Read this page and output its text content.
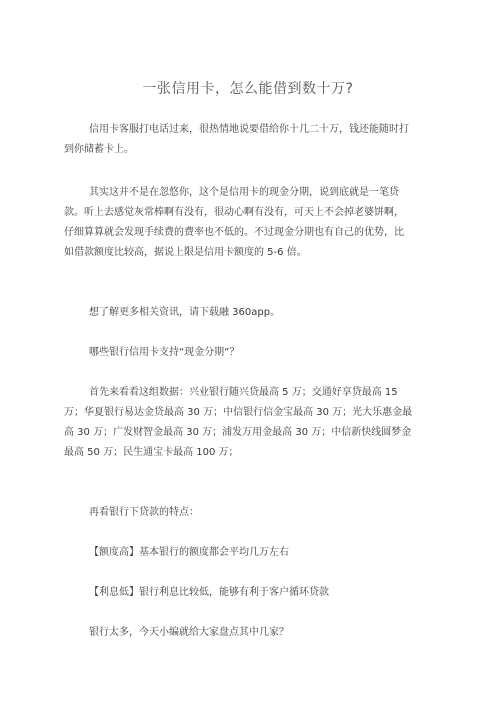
一张信用卡，怎么能借到数十万?

信用卡客服打电话过来，很热情地说要借给你十几二十万，钱还能随时打
到你储蓄卡上。

其实这并不是在忽悠你，这个是信用卡的现金分期，说到底就是一笔贷
款。听上去感觉灰常棒啊有没有，很动心啊有没有，可天上不会掉老婆饼啊，
仔细算算就会发现手续费的费率也不低的。不过现金分期也有自己的优势，比
如借款额度比较高，据说上限是信用卡额度的 5-6 倍。

想了解更多相关资讯，请下载融 360app。

哪些银行信用卡支持“现金分期”？

首先来看看这组数据：兴业银行随兴贷最高 5 万；交通好享贷最高 15
万；华夏银行易达金贷最高 30 万；中信银行信金宝最高 30 万；光大乐惠金最
高 30 万；广发财智金最高 30 万；浦发万用金最高 30 万；中信新快线圆梦金
最高 50 万；民生通宝卡最高 100 万；

再看银行下贷款的特点：

【额度高】基本银行的额度都会平均几万左右

【利息低】银行利息比较低，能够有利于客户循环贷款

银行太多，今天小编就给大家盘点其中几家？
